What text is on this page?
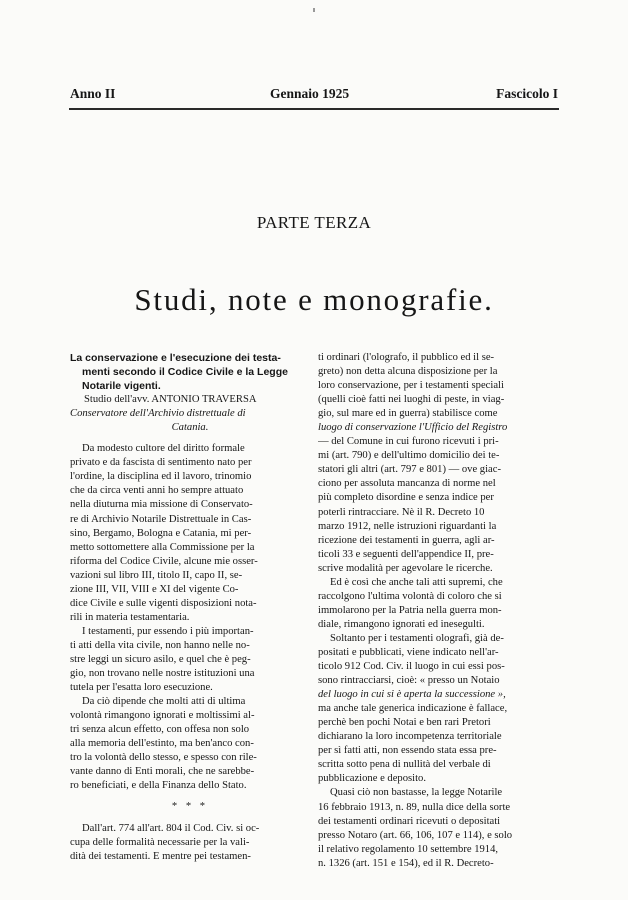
Anno II	Gennaio 1925	Fascicolo I
PARTE TERZA
Studi, note e monografie.
La conservazione e l'esecuzione dei testa-
menti secondo il Codice Civile e la Legge
Notarile vigenti.
Studio dell'avv. ANTONIO TRAVERSA
Conservatore dell'Archivio distrettuale di
Catania.
Da modesto cultore del diritto formale
privato e da fascista di sentimento nato per
l'ordine, la disciplina ed il lavoro, trinomio
che da circa venti anni ho sempre attuato
nella diuturna mia missione di Conservato-
re di Archivio Notarile Distrettuale in Cas-
sino, Bergamo, Bologna e Catania, mi per-
metto sottomettere alla Commissione per la
riforma del Codice Civile, alcune mie osser-
vazioni sul libro III, titolo II, capo II, se-
zione III, VII, VIII e XI del vigente Co-
dice Civile e sulle vigenti disposizioni nota-
rili in materia testamentaria.
I testamenti, pur essendo i più importan-
ti atti della vita civile, non hanno nelle no-
stre leggi un sicuro asilo, e quel che è peg-
gio, non trovano nelle nostre istituzioni una
tutela per l'esatta loro esecuzione.
Da ciò dipende che molti atti di ultima
volontà rimangono ignorati e moltissimi al-
tri senza alcun effetto, con offesa non solo
alla memoria dell'estinto, ma ben'anco con-
tro la volontà dello stesso, e spesso con rile-
vante danno di Enti morali, che ne sarebbe-
ro beneficiati, e della Finanza dello Stato.
* * *
Dall'art. 774 all'art. 804 il Cod. Civ. si oc-
cupa delle formalità necessarie per la vali-
dità dei testamenti. E mentre pei testamen-
ti ordinari (l'olografo, il pubblico ed il se-
greto) non detta alcuna disposizione per la
loro conservazione, per i testamenti speciali
(quelli cioè fatti nei luoghi di peste, in viag-
gio, sul mare ed in guerra) stabilisce come
luogo di conservazione l'Ufficio del Registro
— del Comune in cui furono ricevuti i pri-
mi (art. 790) e dell'ultimo domicilio dei te-
statori gli altri (art. 797 e 801) — ove giac-
ciono per assoluta mancanza di norme nel
più completo disordine e senza indice per
poterli rintracciare. Nè il R. Decreto 10
marzo 1912, nelle istruzioni riguardanti la
ricezione dei testamenti in guerra, agli ar-
ticoli 33 e seguenti dell'appendice II, pre-
scrive modalità per agevolare le ricerche.
Ed è così che anche tali atti supremi, che
raccolgono l'ultima volontà di coloro che si
immolarono per la Patria nella guerra mon-
diale, rimangono ignorati ed inesegulti.
Soltanto per i testamenti olografi, già de-
positati e pubblicati, viene indicato nell'ar-
ticolo 912 Cod. Civ. il luogo in cui essi pos-
sono rintracciarsi, cioè: « presso un Notaio
del luogo in cui si è aperta la successione »,
ma anche tale generica indicazione è fallace,
perchè ben pochi Notai e ben rari Pretori
dichiarano la loro incompetenza territoriale
per sì fatti atti, non essendo stata essa pre-
scritta sotto pena di nullità del verbale di
pubblicazione e deposito.
Quasi ciò non bastasse, la legge Notarile
16 febbraio 1913, n. 89, nulla dice della sorte
dei testamenti ordinari ricevuti o depositati
presso Notaro (art. 66, 106, 107 e 114), e solo
il relativo regolamento 10 settembre 1914,
n. 1326 (art. 151 e 154), ed il R. Decreto-
